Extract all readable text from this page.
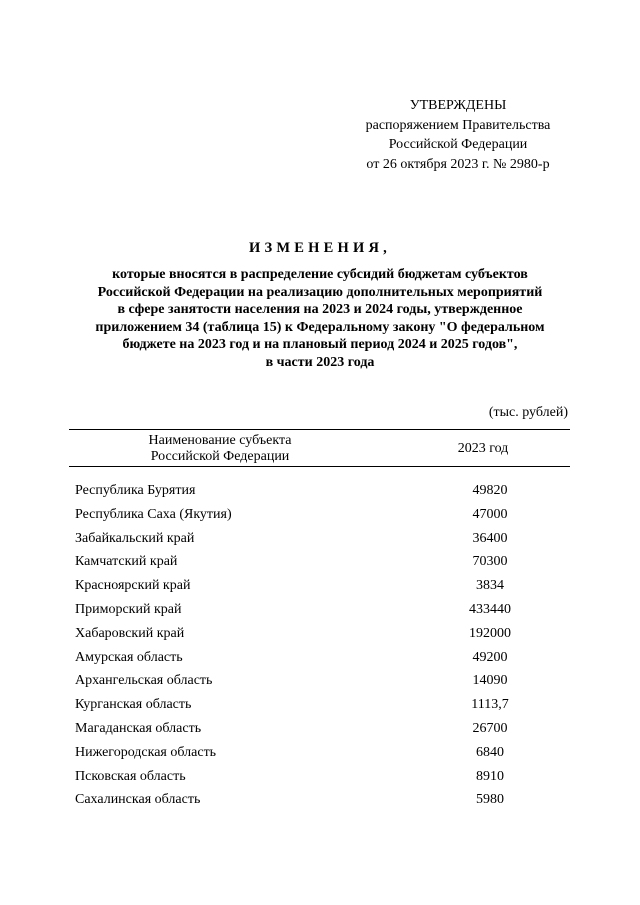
УТВЕРЖДЕНЫ
распоряжением Правительства
Российской Федерации
от 26 октября 2023 г. № 2980-р
ИЗМЕНЕНИЯ,
которые вносятся в распределение субсидий бюджетам субъектов
Российской Федерации на реализацию дополнительных мероприятий
в сфере занятости населения на 2023 и 2024 годы, утвержденное
приложением 34 (таблица 15) к Федеральному закону "О федеральном
бюджете на 2023 год и на плановый период 2024 и 2025 годов",
в части 2023 года
(тыс. рублей)
Наименование субъекта
Российской Федерации	2023 год
Республика Бурятия	49820
Республика Саха (Якутия)	47000
Забайкальский край	36400
Камчатский край	70300
Красноярский край	3834
Приморский край	433440
Хабаровский край	192000
Амурская область	49200
Архангельская область	14090
Курганская область	1113,7
Магаданская область	26700
Нижегородская область	6840
Псковская область	8910
Сахалинская область	5980
